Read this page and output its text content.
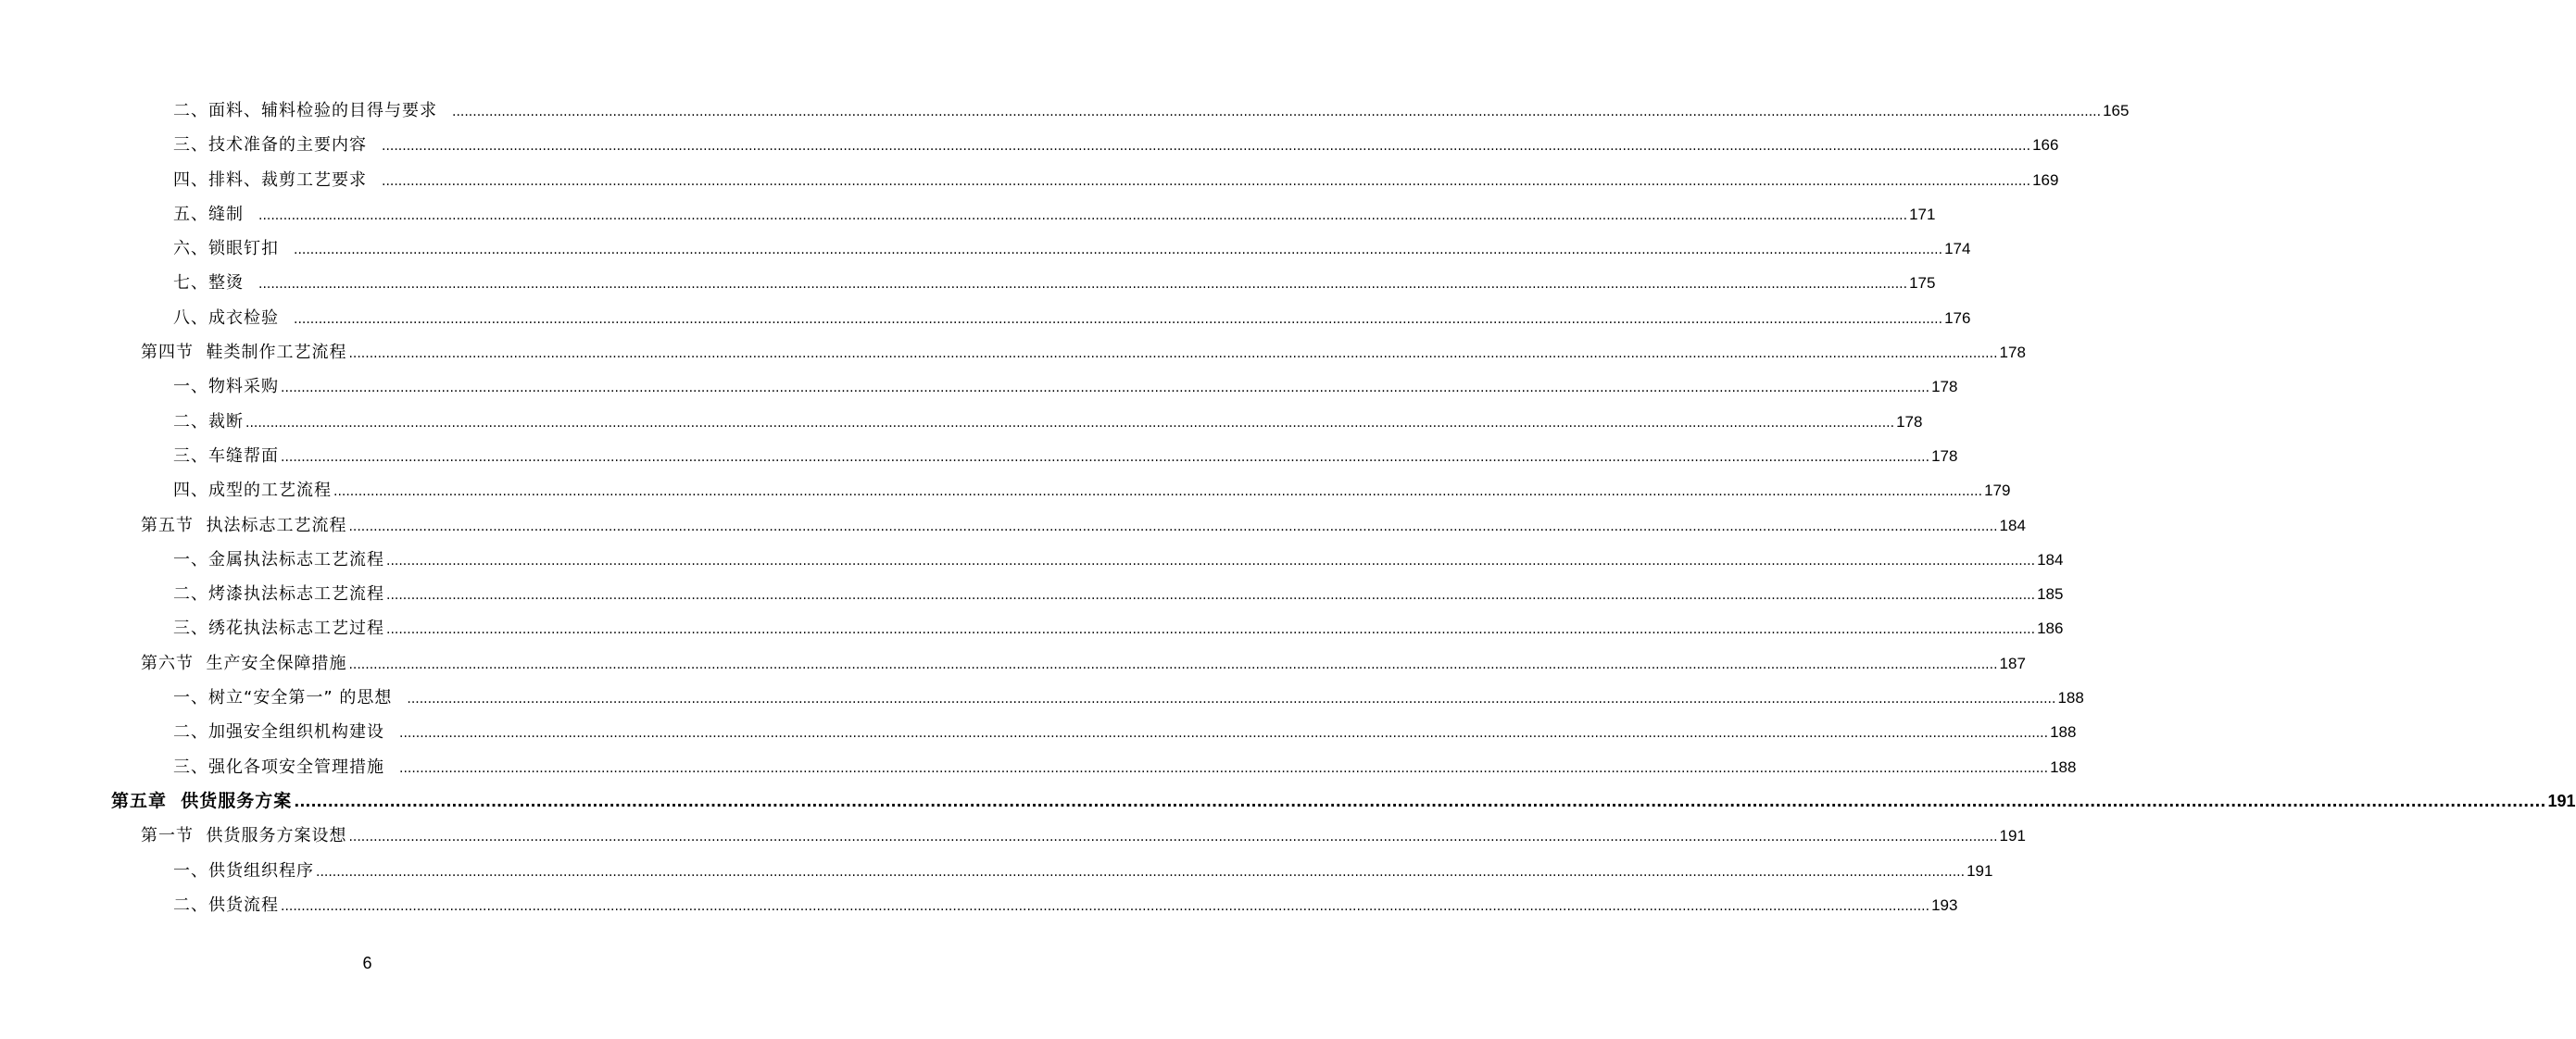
二、面料、辅料检验的目得与要求 ................................................................................................................................................................................................................................................................................................................................................................................................................ 165
三、技术准备的主要内容 ................................................................................................................................................................................................................................................................................................................................................................................................................ 166
四、排料、裁剪工艺要求 ................................................................................................................................................................................................................................................................................................................................................................................................................ 169
五、缝制 ................................................................................................................................................................................................................................................................................................................................................................................................................ 171
六、锁眼钉扣 ................................................................................................................................................................................................................................................................................................................................................................................................................ 174
七、整烫 ................................................................................................................................................................................................................................................................................................................................................................................................................ 175
八、成衣检验 ................................................................................................................................................................................................................................................................................................................................................................................................................ 176
第四节  鞋类制作工艺流程 ................................................................................................................................................................................................................................................................................................................................................................................................................ 178
一、物料采购 ................................................................................................................................................................................................................................................................................................................................................................................................................ 178
二、裁断 ................................................................................................................................................................................................................................................................................................................................................................................................................ 178
三、车缝帮面 ................................................................................................................................................................................................................................................................................................................................................................................................................ 178
四、成型的工艺流程 ................................................................................................................................................................................................................................................................................................................................................................................................................ 179
第五节  执法标志工艺流程 ................................................................................................................................................................................................................................................................................................................................................................................................................ 184
一、金属执法标志工艺流程 ................................................................................................................................................................................................................................................................................................................................................................................................................ 184
二、烤漆执法标志工艺流程 ................................................................................................................................................................................................................................................................................................................................................................................................................ 185
三、绣花执法标志工艺过程 ................................................................................................................................................................................................................................................................................................................................................................................................................ 186
第六节  生产安全保障措施 ................................................................................................................................................................................................................................................................................................................................................................................................................ 187
一、树立“安全第一” 的思想 ................................................................................................................................................................................................................................................................................................................................................................................................................ 188
二、加强安全组织机构建设 ................................................................................................................................................................................................................................................................................................................................................................................................................ 188
三、强化各项安全管理措施 ................................................................................................................................................................................................................................................................................................................................................................................................................ 188
第五章  供货服务方案 ................................................................................................................................................................................................................................................................................................................................................................................................................ 191
第一节  供货服务方案设想 ................................................................................................................................................................................................................................................................................................................................................................................................................ 191
一、供货组织程序 ................................................................................................................................................................................................................................................................................................................................................................................................................ 191
二、供货流程 ................................................................................................................................................................................................................................................................................................................................................................................................................ 193
6
